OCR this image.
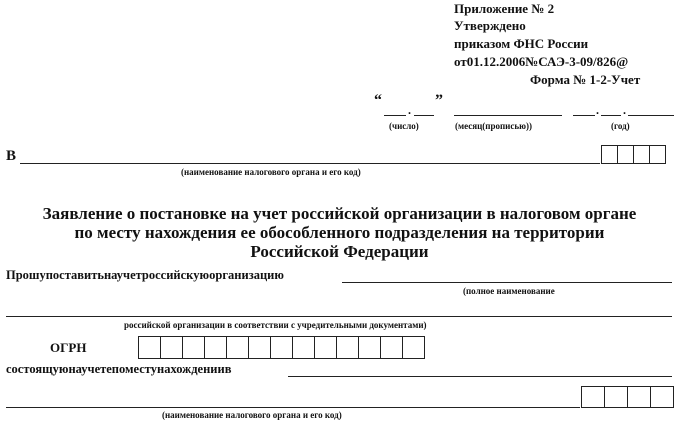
Приложение № 2
Утверждено
приказом ФНС России
от01.12.2006№САЭ-3-09/826@
Форма № 1-2-Учет
“
.
”
. .
(число)	(месяц(прописью))	(год)
В
(наименование налогового органа и его код)
Заявление о постановке на учет российской организации в налоговом органе
по месту нахождения ее обособленного подразделения на территории
Российской Федерации
Прошупоставитьнаучетроссийскуюорганизацию
(полное наименование
российской организации в соответствии с учредительными документами)
ОГРН
состоящуюнаучетепоместунахождениив
(наименование налогового органа и его код)
